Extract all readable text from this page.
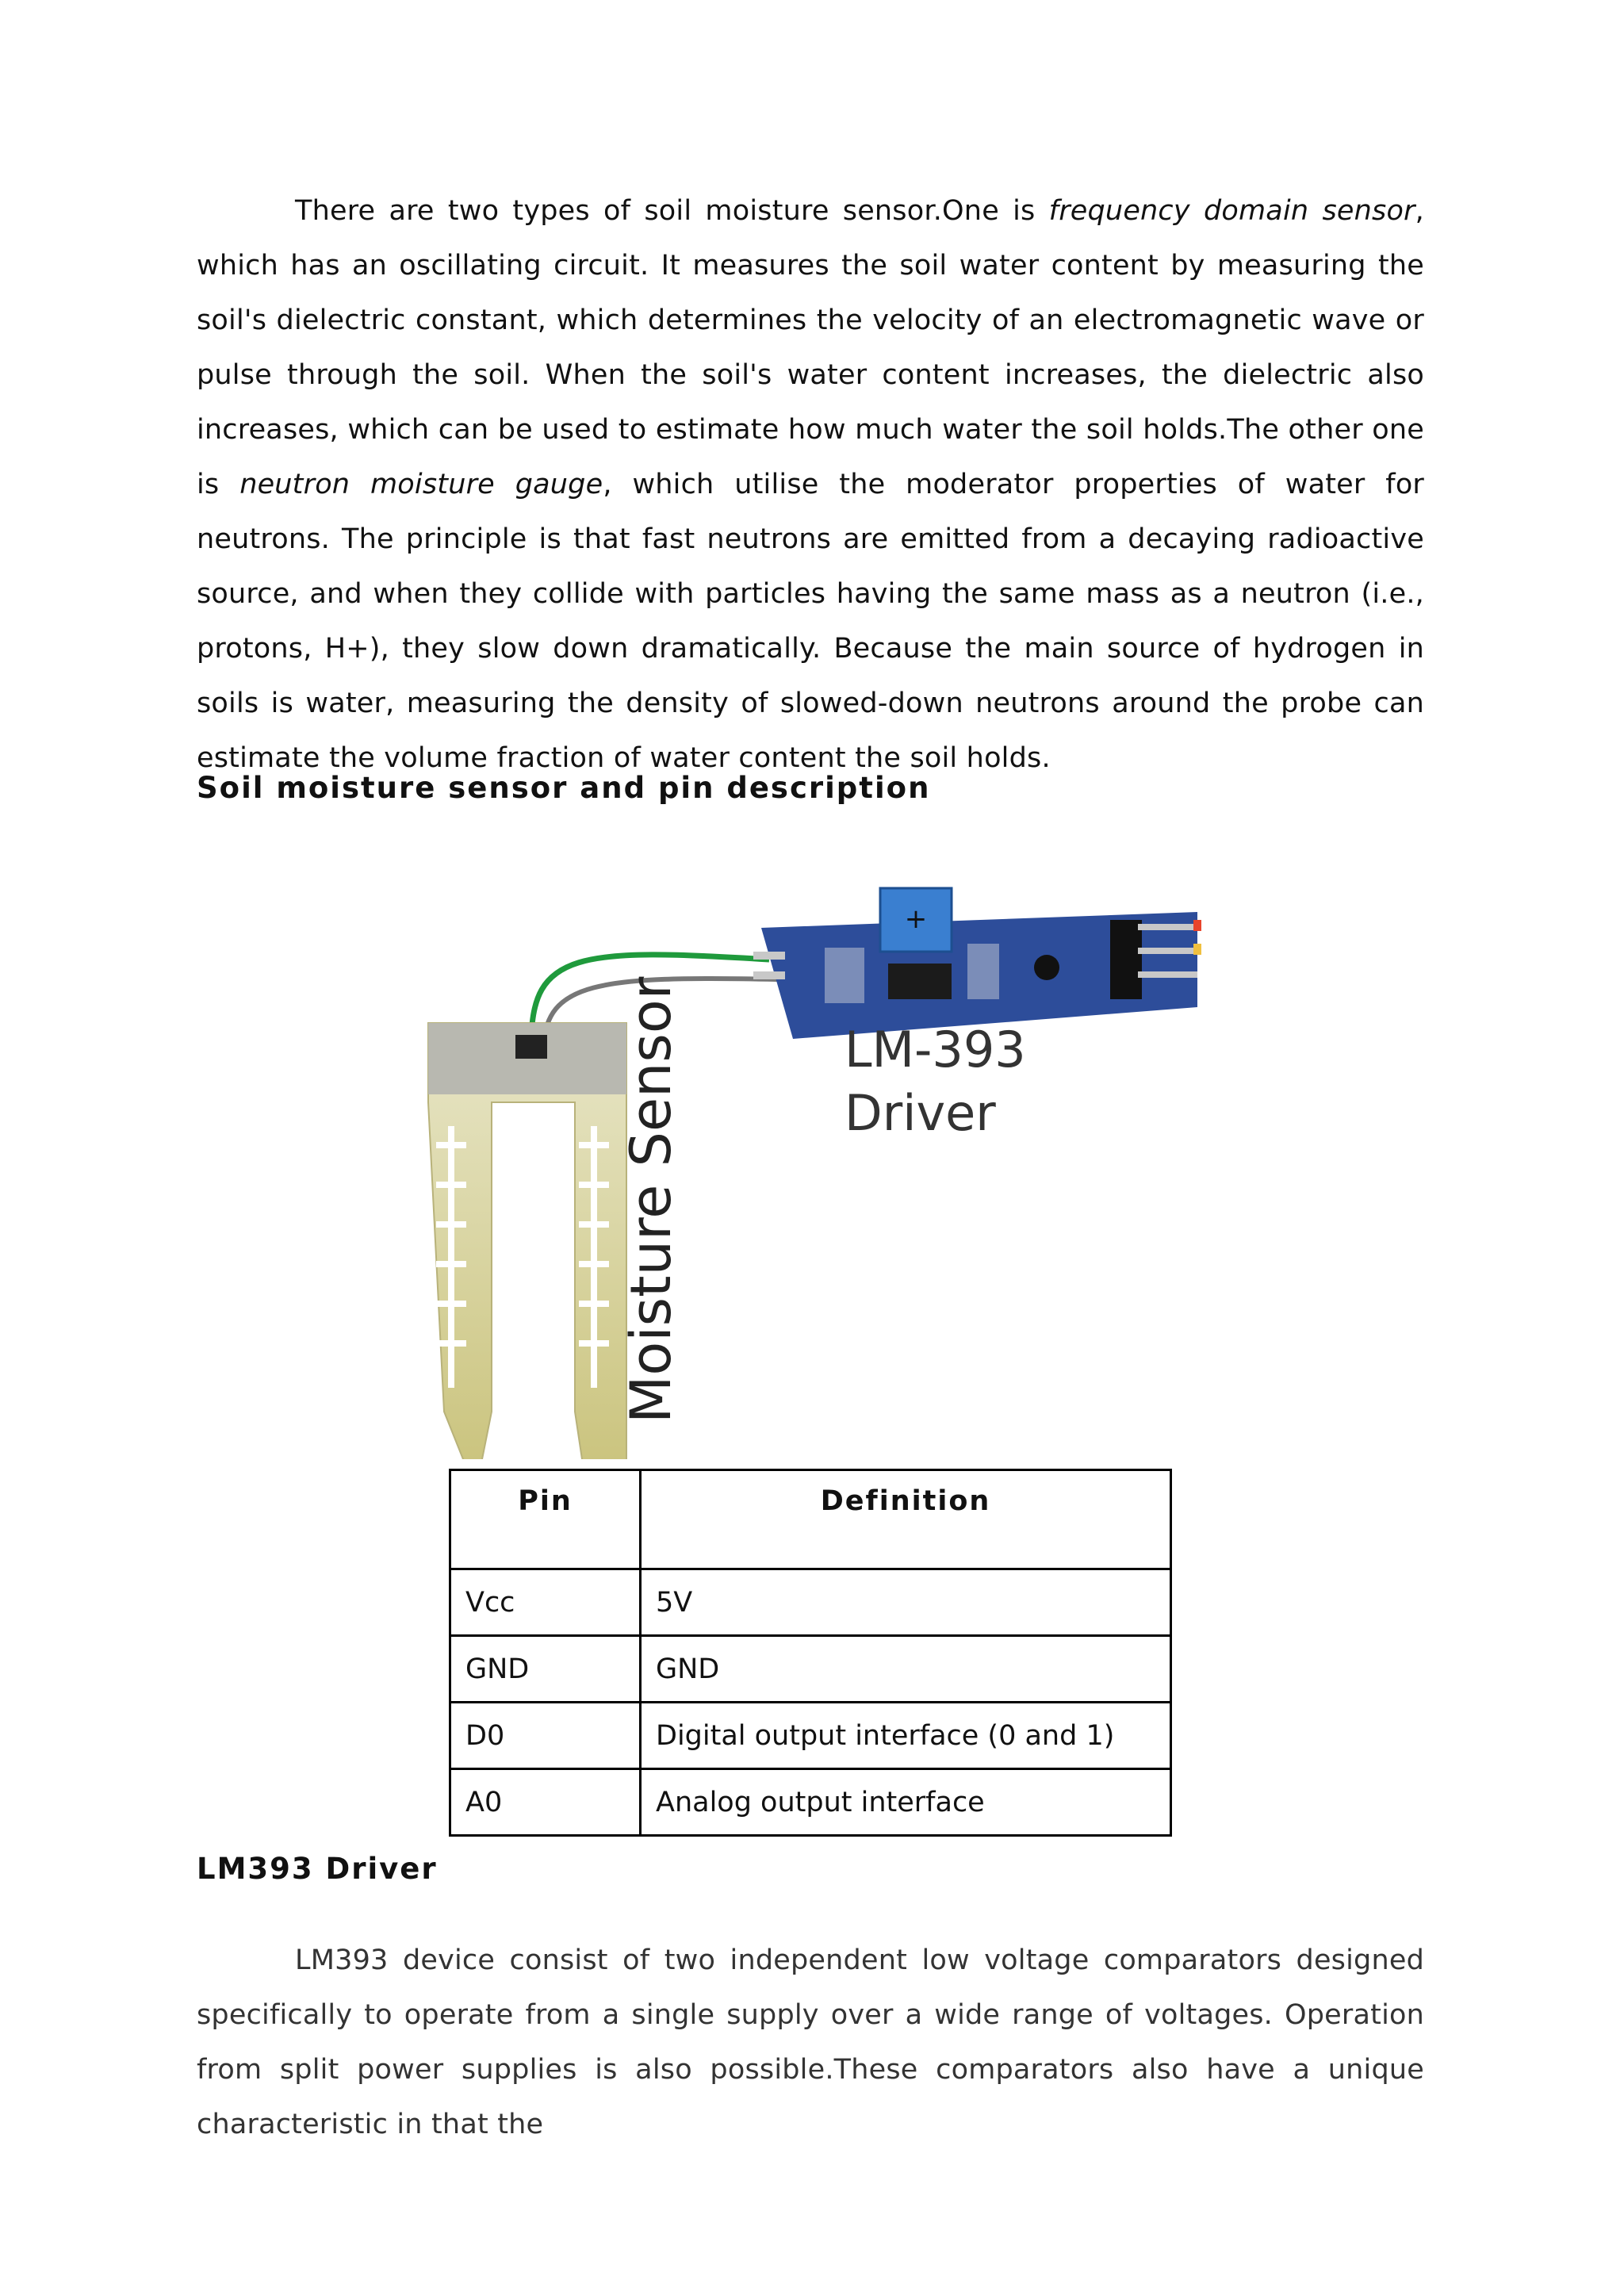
There are two types of soil moisture sensor.One is frequency domain sensor, which has an oscillating circuit. It measures the soil water content by measuring the soil's dielectric constant, which determines the velocity of an electromagnetic wave or pulse through the soil. When the soil's water content increases, the dielectric also increases, which can be used to estimate how much water the soil holds.The other one is neutron moisture gauge, which utilise the moderator properties of water for neutrons. The principle is that fast neutrons are emitted from a decaying radioactive source, and when they collide with particles having the same mass as a neutron (i.e., protons, H+), they slow down dramatically. Because the main source of hydrogen in soils is water, measuring the density of slowed-down neutrons around the probe can estimate the volume fraction of water content the soil holds.
Soil moisture sensor and pin description
+
Moisture Sensor	LM-393
Driver
Pin	Definition
Vcc	5V
GND	GND
D0	Digital output interface (0 and 1)
A0	Analog output interface
LM393 Driver
LM393 device consist of two independent low voltage comparators designed specifically to operate from a single supply over a wide range of voltages. Operation from split power supplies is also possible.These comparators also have a unique characteristic in that the
